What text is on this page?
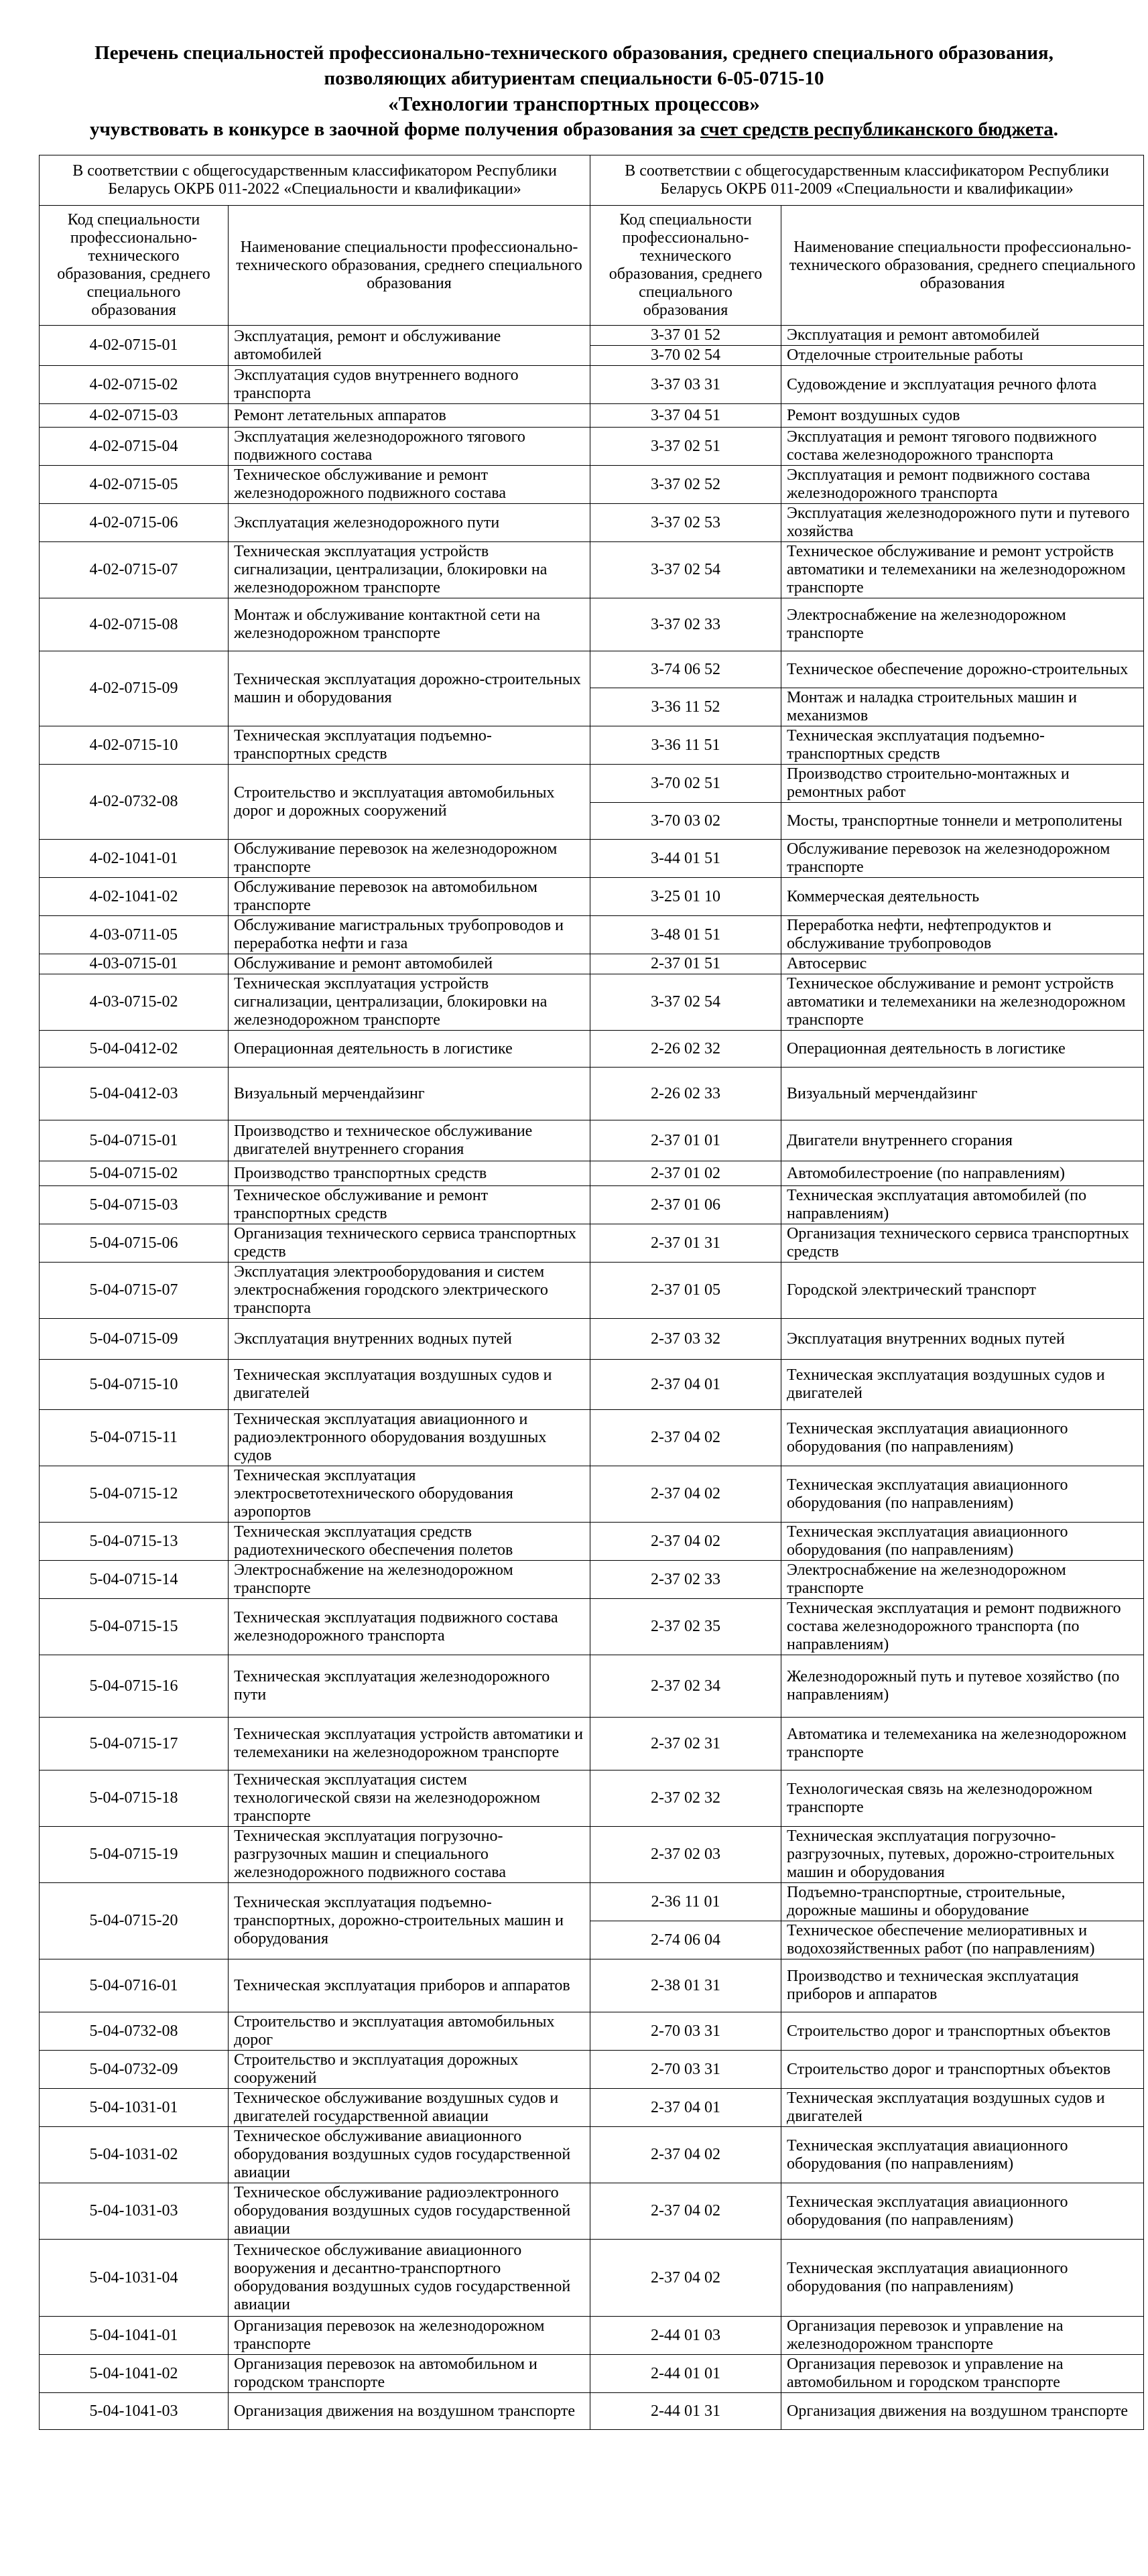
Перечень специальностей профессионально-технического образования, среднего специального образования,
позволяющих абитуриентам специальности 6-05-0715-10
«Технологии транспортных процессов»
учувствовать в конкурсе в заочной форме получения образования за счет средств республиканского бюджета.
В соответствии с общегосударственным классификатором Республики Беларусь ОКРБ 011-2022 «Специальности и квалификации»		В соответствии с общегосударственным классификатором Республики Беларусь ОКРБ 011-2009 «Специальности и квалификации»	
Код специальности профессионально-технического образования, среднего специального образования	Наименование специальности профессионально-технического образования, среднего специального образования	Код специальности профессионально-технического образования, среднего специального образования	Наименование специальности профессионально-технического образования, среднего специального образования
4-02-0715-01	Эксплуатация, ремонт и обслуживание автомобилей	3-37 01 52	Эксплуатация и ремонт автомобилей
		3-70 02 54	Отделочные строительные работы
4-02-0715-02	Эксплуатация судов внутреннего водного транспорта	3-37 03 31	Судовождение и эксплуатация речного флота
4-02-0715-03	Ремонт летательных аппаратов	3-37 04 51	Ремонт воздушных судов
4-02-0715-04	Эксплуатация железнодорожного тягового подвижного состава	3-37 02 51	Эксплуатация и ремонт тягового подвижного состава железнодорожного транспорта
4-02-0715-05	Техническое обслуживание и ремонт железнодорожного подвижного состава	3-37 02 52	Эксплуатация и ремонт подвижного состава железнодорожного транспорта
4-02-0715-06	Эксплуатация железнодорожного пути	3-37 02 53	Эксплуатация железнодорожного пути и путевого хозяйства
4-02-0715-07	Техническая эксплуатация устройств сигнализации, централизации, блокировки на железнодорожном транспорте	3-37 02 54	Техническое обслуживание и ремонт устройств автоматики и телемеханики на железнодорожном транспорте
4-02-0715-08	Монтаж и обслуживание контактной сети на железнодорожном транспорте	3-37 02 33	Электроснабжение на железнодорожном транспорте
4-02-0715-09	Техническая эксплуатация дорожно-строительных машин и оборудования	3-74 06 52	Техническое обеспечение дорожно-строительных
		3-36 11 52	Монтаж и наладка строительных машин и механизмов
4-02-0715-10	Техническая эксплуатация подъемно-транспортных средств	3-36 11 51	Техническая эксплуатация подъемно-транспортных средств
4-02-0732-08	Строительство и эксплуатация автомобильных дорог и дорожных сооружений	3-70 02 51	Производство строительно-монтажных и ремонтных работ
		3-70 03 02	Мосты, транспортные тоннели и метрополитены
4-02-1041-01	Обслуживание перевозок на железнодорожном транспорте	3-44 01 51	Обслуживание перевозок на железнодорожном транспорте
4-02-1041-02	Обслуживание перевозок на автомобильном транспорте	3-25 01 10	Коммерческая деятельность
4-03-0711-05	Обслуживание магистральных трубопроводов и переработка нефти и газа	3-48 01 51	Переработка нефти, нефтепродуктов и обслуживание трубопроводов
4-03-0715-01	Обслуживание и ремонт автомобилей	2-37 01 51	Автосервис
4-03-0715-02	Техническая эксплуатация устройств сигнализации, централизации, блокировки на железнодорожном транспорте	3-37 02 54	Техническое обслуживание и ремонт устройств автоматики и телемеханики на железнодорожном транспорте
5-04-0412-02	Операционная деятельность в логистике	2-26 02 32	Операционная деятельность в логистике
5-04-0412-03	Визуальный мерчендайзинг	2-26 02 33	Визуальный мерчендайзинг
5-04-0715-01	Производство и техническое обслуживание двигателей внутреннего сгорания	2-37 01 01	Двигатели внутреннего сгорания
5-04-0715-02	Производство транспортных средств	2-37 01 02	Автомобилестроение (по направлениям)
5-04-0715-03	Техническое обслуживание и ремонт транспортных средств	2-37 01 06	Техническая эксплуатация автомобилей (по направлениям)
5-04-0715-06	Организация технического сервиса транспортных средств	2-37 01 31	Организация технического сервиса транспортных средств
5-04-0715-07	Эксплуатация электрооборудования и систем электроснабжения городского электрического транспорта	2-37 01 05	Городской электрический транспорт
5-04-0715-09	Эксплуатация внутренних водных путей	2-37 03 32	Эксплуатация внутренних водных путей
5-04-0715-10	Техническая эксплуатация воздушных судов и двигателей	2-37 04 01	Техническая эксплуатация воздушных судов и двигателей
5-04-0715-11	Техническая эксплуатация авиационного и радиоэлектронного оборудования воздушных судов	2-37 04 02	Техническая эксплуатация авиационного оборудования (по направлениям)
5-04-0715-12	Техническая эксплуатация электросветотехнического оборудования аэропортов	2-37 04 02	Техническая эксплуатация авиационного оборудования (по направлениям)
5-04-0715-13	Техническая эксплуатация средств радиотехнического обеспечения полетов	2-37 04 02	Техническая эксплуатация авиационного оборудования (по направлениям)
5-04-0715-14	Электроснабжение на железнодорожном транспорте	2-37 02 33	Электроснабжение на железнодорожном транспорте
5-04-0715-15	Техническая эксплуатация подвижного состава железнодорожного транспорта	2-37 02 35	Техническая эксплуатация и ремонт подвижного состава железнодорожного транспорта (по направлениям)
5-04-0715-16	Техническая эксплуатация железнодорожного пути	2-37 02 34	Железнодорожный путь и путевое хозяйство (по направлениям)
5-04-0715-17	Техническая эксплуатация устройств автоматики и телемеханики на железнодорожном транспорте	2-37 02 31	Автоматика и телемеханика на железнодорожном транспорте
5-04-0715-18	Техническая эксплуатация систем технологической связи на железнодорожном транспорте	2-37 02 32	Технологическая связь на железнодорожном транспорте
5-04-0715-19	Техническая эксплуатация погрузочно-разгрузочных машин и специального железнодорожного подвижного состава	2-37 02 03	Техническая эксплуатация погрузочно-разгрузочных, путевых, дорожно-строительных машин и оборудования
5-04-0715-20	Техническая эксплуатация подъемно-транспортных, дорожно-строительных машин и оборудования	2-36 11 01	Подъемно-транспортные, строительные, дорожные машины и оборудование
		2-74 06 04	Техническое обеспечение мелиоративных и водохозяйственных работ (по направлениям)
5-04-0716-01	Техническая эксплуатация приборов и аппаратов	2-38 01 31	Производство и техническая эксплуатация приборов и аппаратов
5-04-0732-08	Строительство и эксплуатация автомобильных дорог	2-70 03 31	Строительство дорог и транспортных объектов
5-04-0732-09	Строительство и эксплуатация дорожных сооружений	2-70 03 31	Строительство дорог и транспортных объектов
5-04-1031-01	Техническое обслуживание воздушных судов и двигателей государственной авиации	2-37 04 01	Техническая эксплуатация воздушных судов и двигателей
5-04-1031-02	Техническое обслуживание авиационного оборудования воздушных судов государственной авиации	2-37 04 02	Техническая эксплуатация авиационного оборудования (по направлениям)
5-04-1031-03	Техническое обслуживание радиоэлектронного оборудования воздушных судов государственной авиации	2-37 04 02	Техническая эксплуатация авиационного оборудования (по направлениям)
5-04-1031-04	Техническое обслуживание авиационного вооружения и десантно-транспортного оборудования воздушных судов государственной авиации	2-37 04 02	Техническая эксплуатация авиационного оборудования (по направлениям)
5-04-1041-01	Организация перевозок на железнодорожном транспорте	2-44 01 03	Организация перевозок и управление на железнодорожном транспорте
5-04-1041-02	Организация перевозок на автомобильном и городском транспорте	2-44 01 01	Организация перевозок и управление на автомобильном и городском транспорте
5-04-1041-03	Организация движения на воздушном транспорте	2-44 01 31	Организация движения на воздушном транспорте
